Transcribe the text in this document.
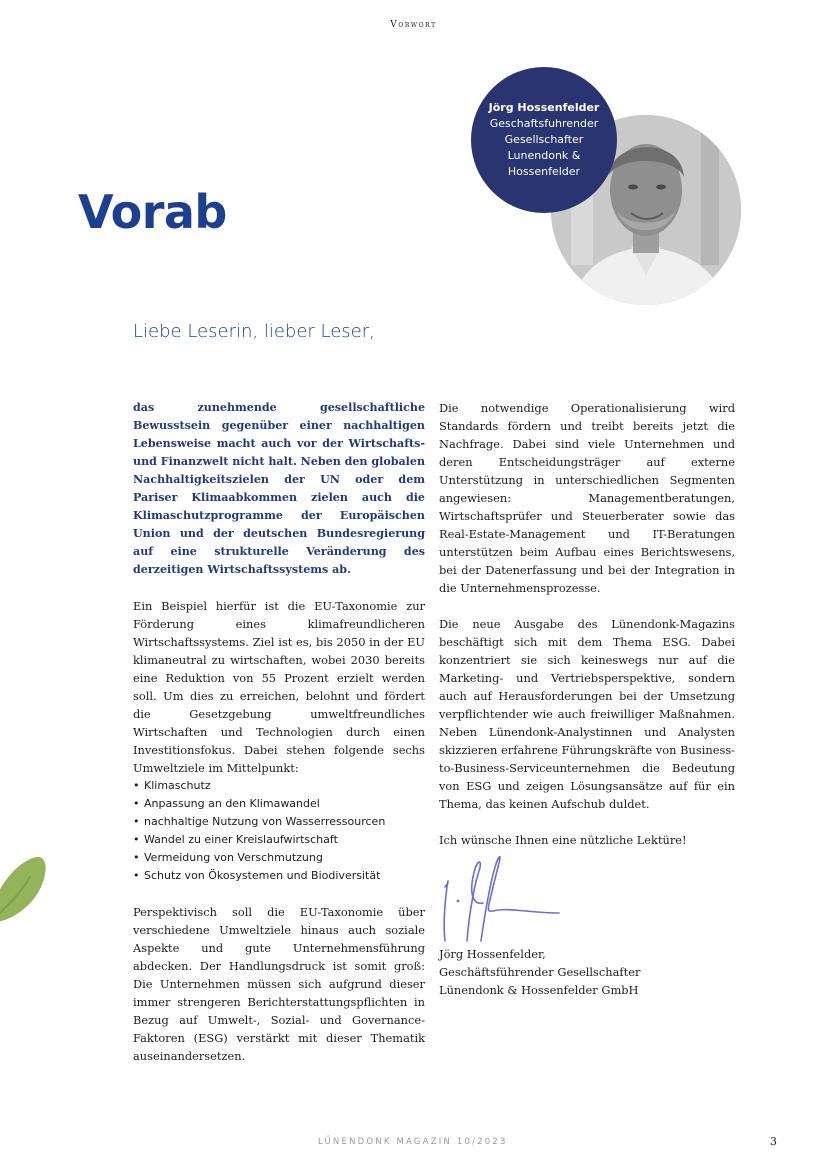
Vorwort
Jörg Hossenfelder
Geschaftsfuhrender
Gesellschafter
Lunendonk &
Hossenfelder
Vorab
Liebe Leserin, lieber Leser,

das zunehmende gesellschaftliche Bewusstsein gegenüber einer nachhaltigen Lebensweise macht auch vor der Wirtschafts- und Finanzwelt nicht halt. Neben den globalen Nachhaltigkeitszielen der UN oder dem Pariser Klimaabkommen zielen auch die Klimaschutzprogramme der Europäischen Union und der deutschen Bundesregierung auf eine strukturelle Veränderung des derzeitigen Wirtschaftssystems ab.

Ein Beispiel hierfür ist die EU-Taxonomie zur Förderung eines klimafreundlicheren Wirtschaftssystems. Ziel ist es, bis 2050 in der EU klimaneutral zu wirtschaften, wobei 2030 bereits eine Reduktion von 55 Prozent erzielt werden soll. Um dies zu erreichen, belohnt und fördert die Gesetzgebung umweltfreundliches Wirtschaften und Technologien durch einen Investitionsfokus. Dabei stehen folgende sechs Umweltziele im Mittelpunkt:

• Klimaschutz
• Anpassung an den Klimawandel
• nachhaltige Nutzung von Wasserressourcen
• Wandel zu einer Kreislaufwirtschaft
• Vermeidung von Verschmutzung
• Schutz von Ökosystemen und Biodiversität

Perspektivisch soll die EU-Taxonomie über verschiedene Umweltziele hinaus auch soziale Aspekte und gute Unternehmensführung abdecken. Der Handlungsdruck ist somit groß: Die Unternehmen müssen sich aufgrund dieser immer strengeren Berichterstattungspflichten in Bezug auf Umwelt-, Sozial- und Governance-Faktoren (ESG) verstärkt mit dieser Thematik auseinandersetzen.

Die notwendige Operationalisierung wird Standards fördern und treibt bereits jetzt die Nachfrage. Dabei sind viele Unternehmen und deren Entscheidungsträger auf externe Unterstützung in unterschiedlichen Segmenten angewiesen: Managementberatungen, Wirtschaftsprüfer und Steuerberater sowie das Real-Estate-Management und IT-Beratungen unterstützen beim Aufbau eines Berichtswesens, bei der Datenerfassung und bei der Integration in die Unternehmensprozesse.

Die neue Ausgabe des Lünendonk-Magazins beschäftigt sich mit dem Thema ESG. Dabei konzentriert sie sich keineswegs nur auf die Marketing- und Vertriebsperspektive, sondern auch auf Herausforderungen bei der Umsetzung verpflichtender wie auch freiwilliger Maßnahmen. Neben Lünendonk-Analystinnen und Analysten skizzieren erfahrene Führungskräfte von Business-to-Business-Serviceunternehmen die Bedeutung von ESG und zeigen Lösungsansätze auf für ein Thema, das keinen Aufschub duldet.

Ich wünsche Ihnen eine nützliche Lektüre!

Jörg Hossenfelder,

Geschäftsführender Gesellschafter

Lünendonk & Hossenfelder GmbH

LÜNENDONK MAGAZIN 10/2023	3
